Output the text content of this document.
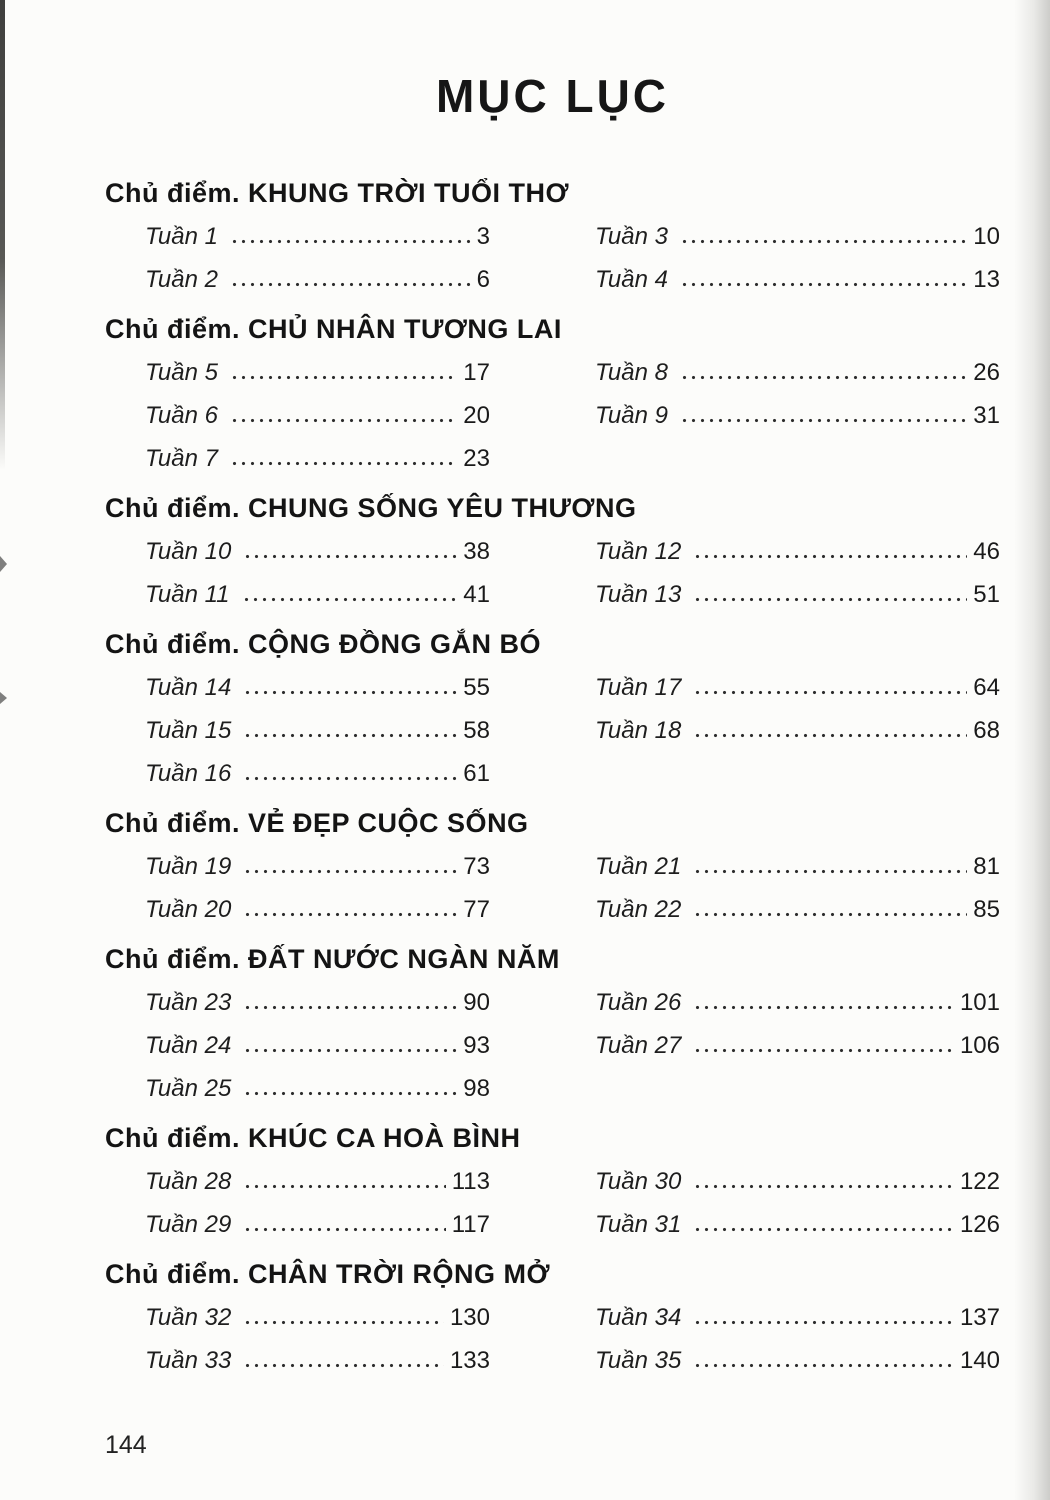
MỤC LỤC
Chủ điểm. KHUNG TRỜI TUỔI THƠ
Tuần 1	3
Tuần 2	6
Tuần 3	10
Tuần 4	13
Chủ điểm. CHỦ NHÂN TƯƠNG LAI
Tuần 5	17
Tuần 6	20
Tuần 7	23
Tuần 8	26
Tuần 9	31
Chủ điểm. CHUNG SỐNG YÊU THƯƠNG
Tuần 10	38
Tuần 11	41
Tuần 12	46
Tuần 13	51
Chủ điểm. CỘNG ĐỒNG GẮN BÓ
Tuần 14	55
Tuần 15	58
Tuần 16	61
Tuần 17	64
Tuần 18	68
Chủ điểm. VẺ ĐẸP CUỘC SỐNG
Tuần 19	73
Tuần 20	77
Tuần 21	81
Tuần 22	85
Chủ điểm. ĐẤT NƯỚC NGÀN NĂM
Tuần 23	90
Tuần 24	93
Tuần 25	98
Tuần 26	101
Tuần 27	106
Chủ điểm. KHÚC CA HOÀ BÌNH
Tuần 28	113
Tuần 29	117
Tuần 30	122
Tuần 31	126
Chủ điểm. CHÂN TRỜI RỘNG MỞ
Tuần 32	130
Tuần 33	133
Tuần 34	137
Tuần 35	140
144
